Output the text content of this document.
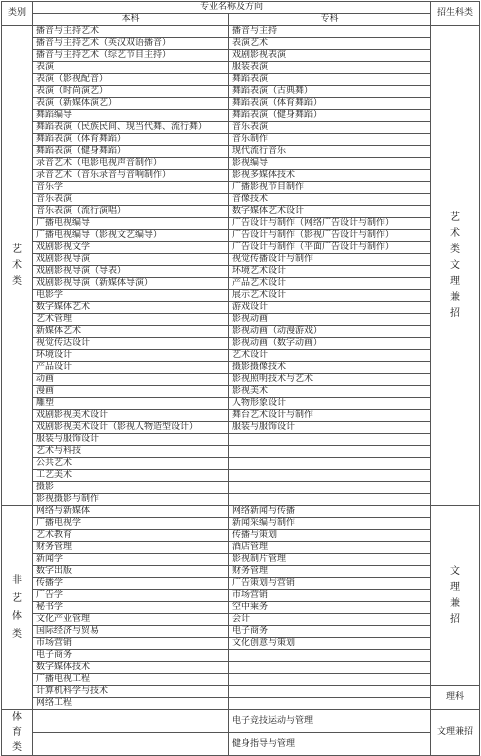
类别	专业名称及方向		招生科类
	本科	专科	
艺术类	播音与主持艺术	播音与主持	艺术类文理兼招
	播音与主持艺术（英汉双语播音）	表演艺术	
	播音与主持艺术（综艺节目主持）	戏剧影视表演	
	表演	服装表演	
	表演（影视配音）	舞蹈表演	
	表演（时尚演艺）	舞蹈表演（古典舞）	
	表演（新媒体演艺）	舞蹈表演（体育舞蹈）	
	舞蹈编导	舞蹈表演（健身舞蹈）	
	舞蹈表演（民族民间、现当代舞、流行舞）	音乐表演	
	舞蹈表演（体育舞蹈）	音乐制作	
	舞蹈表演（健身舞蹈）	现代流行音乐	
	录音艺术（电影电视声音制作）	影视编导	
	录音艺术（音乐录音与音响制作）	影视多媒体技术	
	音乐学	广播影视节目制作	
	音乐表演	音像技术	
	音乐表演（流行演唱）	数字媒体艺术设计	
	广播电视编导	广告设计与制作（网络广告设计与制作）	
	广播电视编导（影视文艺编导）	广告设计与制作（影视广告设计与制作）	
	戏剧影视文学	广告设计与制作（平面广告设计与制作）	
	戏剧影视导演	视觉传播设计与制作	
	戏剧影视导演（导表）	环境艺术设计	
	戏剧影视导演（新媒体导演）	产品艺术设计	
	电影学	展示艺术设计	
	数字媒体艺术	游戏设计	
	艺术管理	影视动画	
	新媒体艺术	影视动画（动漫游戏）	
	视觉传达设计	影视动画（数字动画）	
	环境设计	艺术设计	
	产品设计	摄影摄像技术	
	动画	影视照明技术与艺术	
	漫画	影视美术	
	雕塑	人物形象设计	
	戏剧影视美术设计	舞台艺术设计与制作	
	戏剧影视美术设计（影视人物造型设计）	服装与服饰设计	
	服装与服饰设计		
	艺术与科技		
	公共艺术		
	工艺美术		
	摄影		
	影视摄影与制作		
非艺体类	网络与新媒体	网络新闻与传播	文理兼招
	广播电视学	新闻采编与制作	
	艺术教育	传播与策划	
	财务管理	酒店管理	
	新闻学	影视制片管理	
	数字出版	财务管理	
	传播学	广告策划与营销	
	广告学	市场营销	
	秘书学	空中乘务	
	文化产业管理	会计	
	国际经济与贸易	电子商务	
	市场营销	文化创意与策划	
	电子商务		
	数字媒体技术		
	广播电视工程		
	计算机科学与技术		理科
	网络工程		
体育类		电子竞技运动与管理	文理兼招
		健身指导与管理	
